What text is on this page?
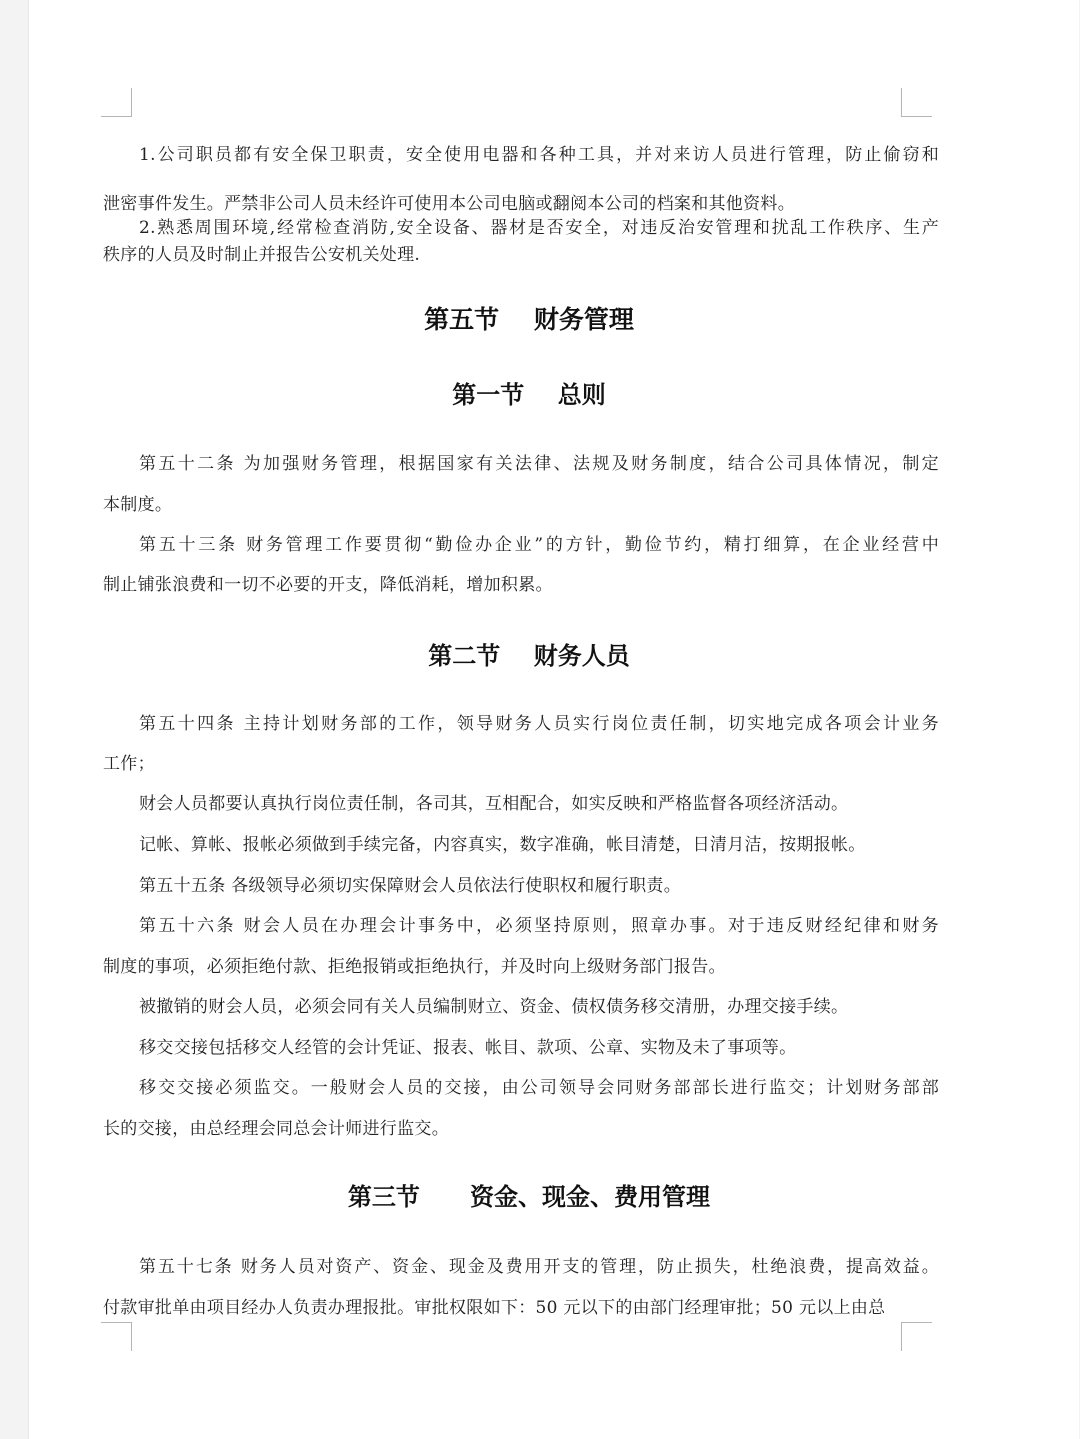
1.公司职员都有安全保卫职责，安全使用电器和各种工具，并对来访人员进行管理，防止偷窃和

泄密事件发生。严禁非公司人员未经许可使用本公司电脑或翻阅本公司的档案和其他资料。

2.熟悉周围环境,经常检查消防,安全设备、器材是否安全，对违反治安管理和扰乱工作秩序、生产

秩序的人员及时制止并报告公安机关处理.

第五节    财务管理
第一节    总则

第五十二条 为加强财务管理，根据国家有关法律、法规及财务制度，结合公司具体情况，制定

本制度。

第五十三条 财务管理工作要贯彻“勤俭办企业”的方针，勤俭节约，精打细算，在企业经营中

制止铺张浪费和一切不必要的开支，降低消耗，增加积累。

第二节    财务人员

第五十四条 主持计划财务部的工作，领导财务人员实行岗位责任制，切实地完成各项会计业务

工作；

财会人员都要认真执行岗位责任制，各司其，互相配合，如实反映和严格监督各项经济活动。

记帐、算帐、报帐必须做到手续完备，内容真实，数字准确，帐目清楚，日清月洁，按期报帐。

第五十五条 各级领导必须切实保障财会人员依法行使职权和履行职责。

第五十六条 财会人员在办理会计事务中，必须坚持原则，照章办事。对于违反财经纪律和财务

制度的事项，必须拒绝付款、拒绝报销或拒绝执行，并及时向上级财务部门报告。

被撤销的财会人员，必须会同有关人员编制财立、资金、债权债务移交清册，办理交接手续。

移交交接包括移交人经管的会计凭证、报表、帐目、款项、公章、实物及未了事项等。

移交交接必须监交。一般财会人员的交接，由公司领导会同财务部部长进行监交；计划财务部部

长的交接，由总经理会同总会计师进行监交。

第三节      资金、现金、费用管理

第五十七条 财务人员对资产、资金、现金及费用开支的管理，防止损失，杜绝浪费，提高效益。

付款审批单由项目经办人负责办理报批。审批权限如下：50 元以下的由部门经理审批；50 元以上由总
